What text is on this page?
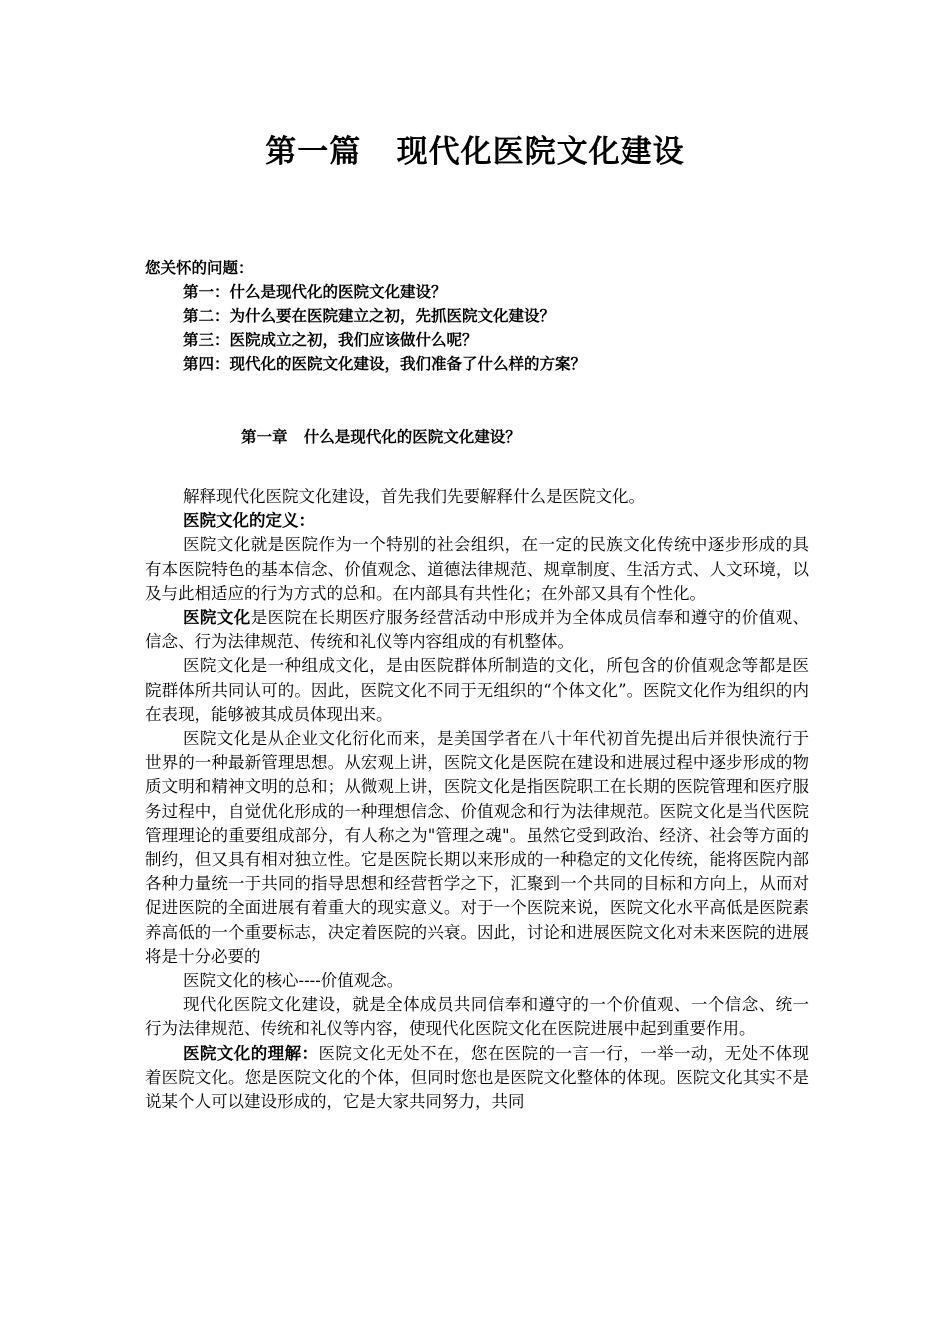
第一篇   现代化医院文化建设
您关怀的问题：
第一：什么是现代化的医院文化建设？
第二：为什么要在医院建立之初，先抓医院文化建设？
第三：医院成立之初，我们应该做什么呢？
第四：现代化的医院文化建设，我们准备了什么样的方案？
第一章   什么是现代化的医院文化建设？

解释现代化医院文化建设，首先我们先要解释什么是医院文化。

医院文化的定义：

医院文化就是医院作为一个特别的社会组织，在一定的民族文化传统中逐步形成的具有本医院特色的基本信念、价值观念、道德法律规范、规章制度、生活方式、人文环境，以及与此相适应的行为方式的总和。在内部具有共性化；在外部又具有个性化。

医院文化是医院在长期医疗服务经营活动中形成并为全体成员信奉和遵守的价值观、信念、行为法律规范、传统和礼仪等内容组成的有机整体。

医院文化是一种组成文化，是由医院群体所制造的文化，所包含的价值观念等都是医院群体所共同认可的。因此，医院文化不同于无组织的“个体文化”。医院文化作为组织的内在表现，能够被其成员体现出来。

医院文化是从企业文化衍化而来，是美国学者在八十年代初首先提出后并很快流行于世界的一种最新管理思想。从宏观上讲，医院文化是医院在建设和进展过程中逐步形成的物质文明和精神文明的总和；从微观上讲，医院文化是指医院职工在长期的医院管理和医疗服务过程中，自觉优化形成的一种理想信念、价值观念和行为法律规范。医院文化是当代医院管理理论的重要组成部分，有人称之为"管理之魂"。虽然它受到政治、经济、社会等方面的制约，但又具有相对独立性。它是医院长期以来形成的一种稳定的文化传统，能将医院内部各种力量统一于共同的指导思想和经营哲学之下，汇聚到一个共同的目标和方向上，从而对促进医院的全面进展有着重大的现实意义。对于一个医院来说，医院文化水平高低是医院素养高低的一个重要标志，决定着医院的兴衰。因此，讨论和进展医院文化对未来医院的进展将是十分必要的

医院文化的核心----价值观念。

现代化医院文化建设，就是全体成员共同信奉和遵守的一个价值观、一个信念、统一行为法律规范、传统和礼仪等内容，使现代化医院文化在医院进展中起到重要作用。

医院文化的理解：医院文化无处不在，您在医院的一言一行，一举一动，无处不体现着医院文化。您是医院文化的个体，但同时您也是医院文化整体的体现。医院文化其实不是说某个人可以建设形成的，它是大家共同努力，共同
